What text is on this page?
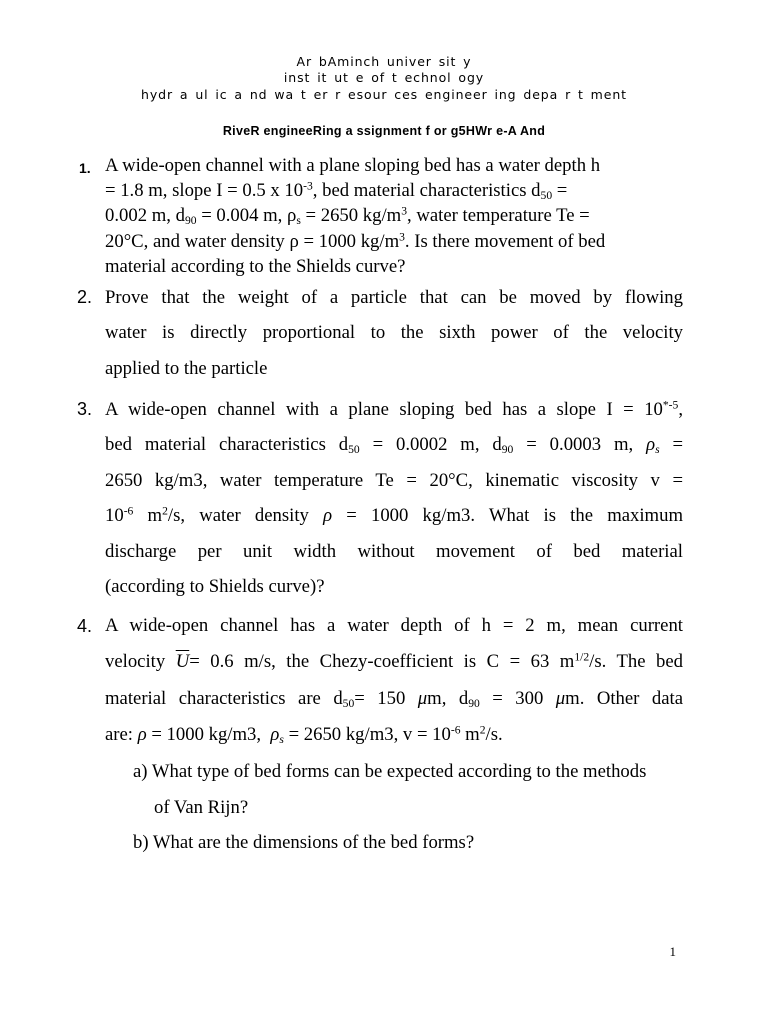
Ar bAminch univer sit y
inst it ut e of t echnol ogy
hydr a ul ic a nd wa t er r esour ces engineer ing depa r t ment
RiveR engineeRing a ssignment f or g5HWr e-A And
1. A wide-open channel with a plane sloping bed has a water depth h
= 1.8 m, slope I = 0.5 x $10^{-3}$, bed material characteristics $d_{50}$ =
0.002 m, $d_{90} = 0.004$ m, $\rho_s = 2650$ $kg/m^3$, water temperature Te =
20°C, and water density ρ = 1000 $kg/m^3$. Is there movement of bed
material according to the Shields curve?
2. Prove that the weight of a particle that can be moved by flowing
water is directly proportional to the sixth power of the velocity
applied to the particle
3. A wide-open channel with a plane sloping bed has a slope $I = 10^{*-5}$,
bed material characteristics $d_{50} = 0.0002$ m, $d_{90} = 0.0003$ m, $\rho_s$ =
2650 kg/m3, water temperature Te = 20°C, kinematic viscosity v =
$10^{-6}$ $m^2/s$, water density ρ = 1000 kg/m3. What is the maximum
discharge per unit width without movement of bed material
(according to Shields curve)?
4. A wide-open channel has a water depth of h = 2 m, mean current
velocity $\overline{U}= 0.6$ m/s, the Chezy-coefficient is C = 63 $m^{1/2}/s$. The bed
material characteristics are $d_{50}= 150$ μm, $d_{90} = 300$ μm. Other data
are: ρ = 1000 kg/m3,  $\rho_s = 2650$ kg/m3, $v = 10^{-6}$ $m^2/s$.
a) What type of bed forms can be expected according to the methods
of Van Rijn?
b) What are the dimensions of the bed forms?
1
